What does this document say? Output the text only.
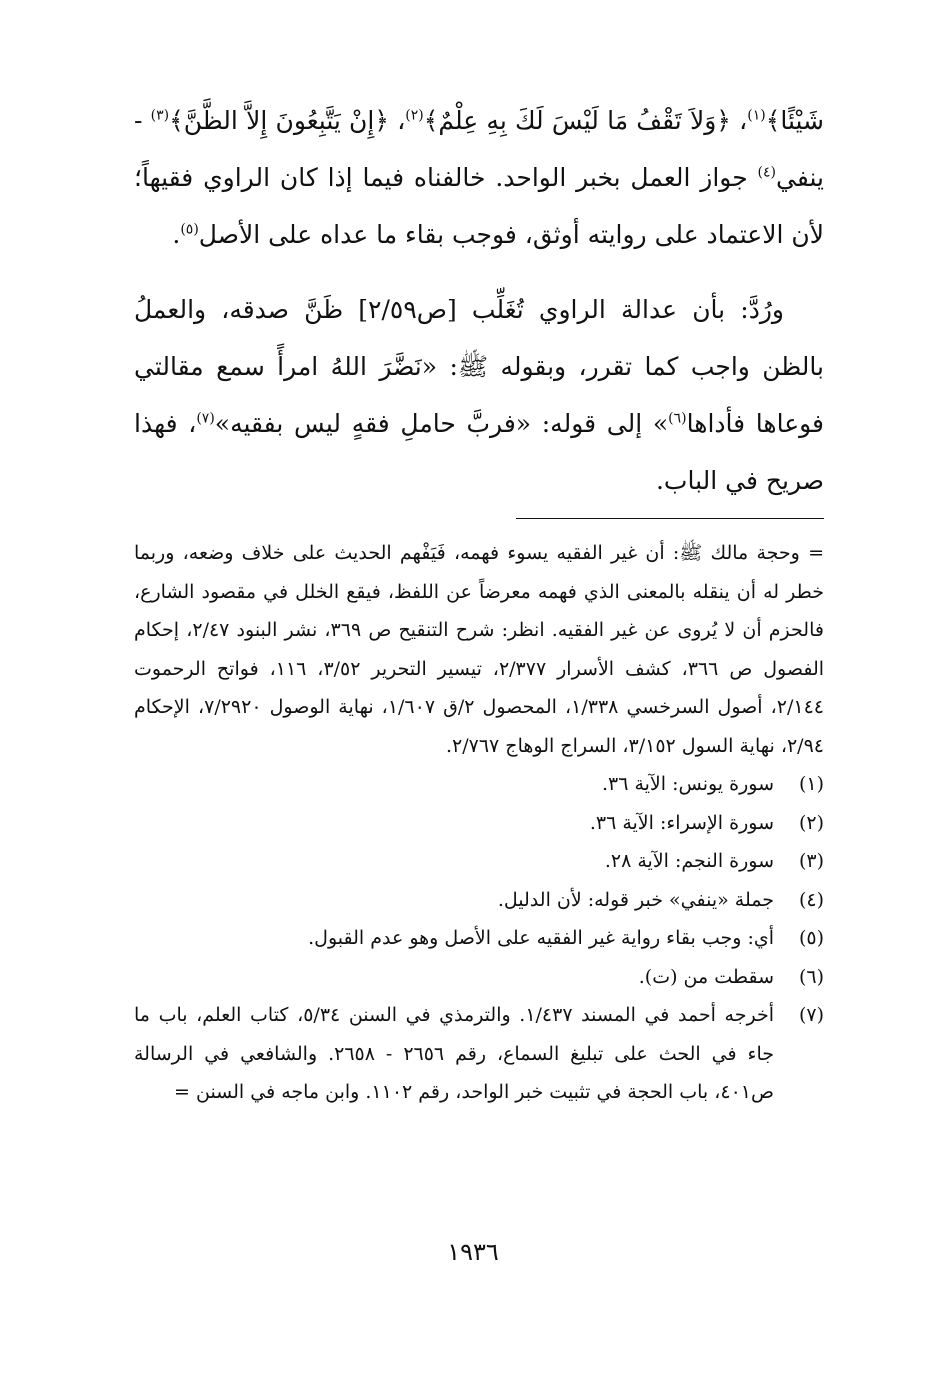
شَيْئًا﴾$^{(١)}$، ﴿وَلاَ تَقْفُ مَا لَيْسَ لَكَ بِهِ عِلْمٌ﴾$^{(٢)}$، ﴿إِنْ يَتَّبِعُونَ إِلاَّ الظَّنَّ﴾$^{(٣)}$ - ينفي$^{(٤)}$ جواز العمل بخبر الواحد. خالفناه فيما إذا كان الراوي فقيهاً؛ لأن الاعتماد على روايته أوثق، فوجب بقاء ما عداه على الأصل$^{(٥)}$.

ورُدَّ: بأن عدالة الراوي تُغَلِّب [ص٢/٥٩] ظَنَّ صدقه، والعملُ بالظن واجب كما تقرر، وبقوله ﷺ: «نَضَّرَ اللهُ امرأً سمع مقالتي فوعاها فأداها$^{(٦)}$» إلى قوله: «فربَّ حاملِ فقهٍ ليس بفقيه»$^{(٧)}$، فهذا صريح في الباب.

= وحجة مالك ﷺ: أن غير الفقيه يسوء فهمه، فَيَفْهم الحديث على خلاف وضعه، وربما خطر له أن ينقله بالمعنى الذي فهمه معرضاً عن اللفظ، فيقع الخلل في مقصود الشارع، فالحزم أن لا يُروى عن غير الفقيه. انظر: شرح التنقيح ص ٣٦٩، نشر البنود ٢/٤٧، إحكام الفصول ص ٣٦٦، كشف الأسرار ٢/٣٧٧، تيسير التحرير ٣/٥٢، ١١٦، فواتح الرحموت ٢/١٤٤، أصول السرخسي ١/٣٣٨، المحصول ٢/ق ١/٦٠٧، نهاية الوصول ٧/٢٩٢٠، الإحكام ٢/٩٤، نهاية السول ٣/١٥٢، السراج الوهاج ٢/٧٦٧.

(١)
سورة يونس: الآية ٣٦.
(٢)
سورة الإسراء: الآية ٣٦.
(٣)
سورة النجم: الآية ٢٨.
(٤)
جملة «ينفي» خبر قوله: لأن الدليل.
(٥)
أي: وجب بقاء رواية غير الفقيه على الأصل وهو عدم القبول.
(٦)
سقطت من (ت).
(٧)
أخرجه أحمد في المسند ١/٤٣٧. والترمذي في السنن ٥/٣٤، كتاب العلم، باب ما جاء في الحث على تبليغ السماع، رقم ٢٦٥٦ - ٢٦٥٨. والشافعي في الرسالة ص٤٠١، باب الحجة في تثبيت خبر الواحد، رقم ١١٠٢. وابن ماجه في السنن =
١٩٣٦
